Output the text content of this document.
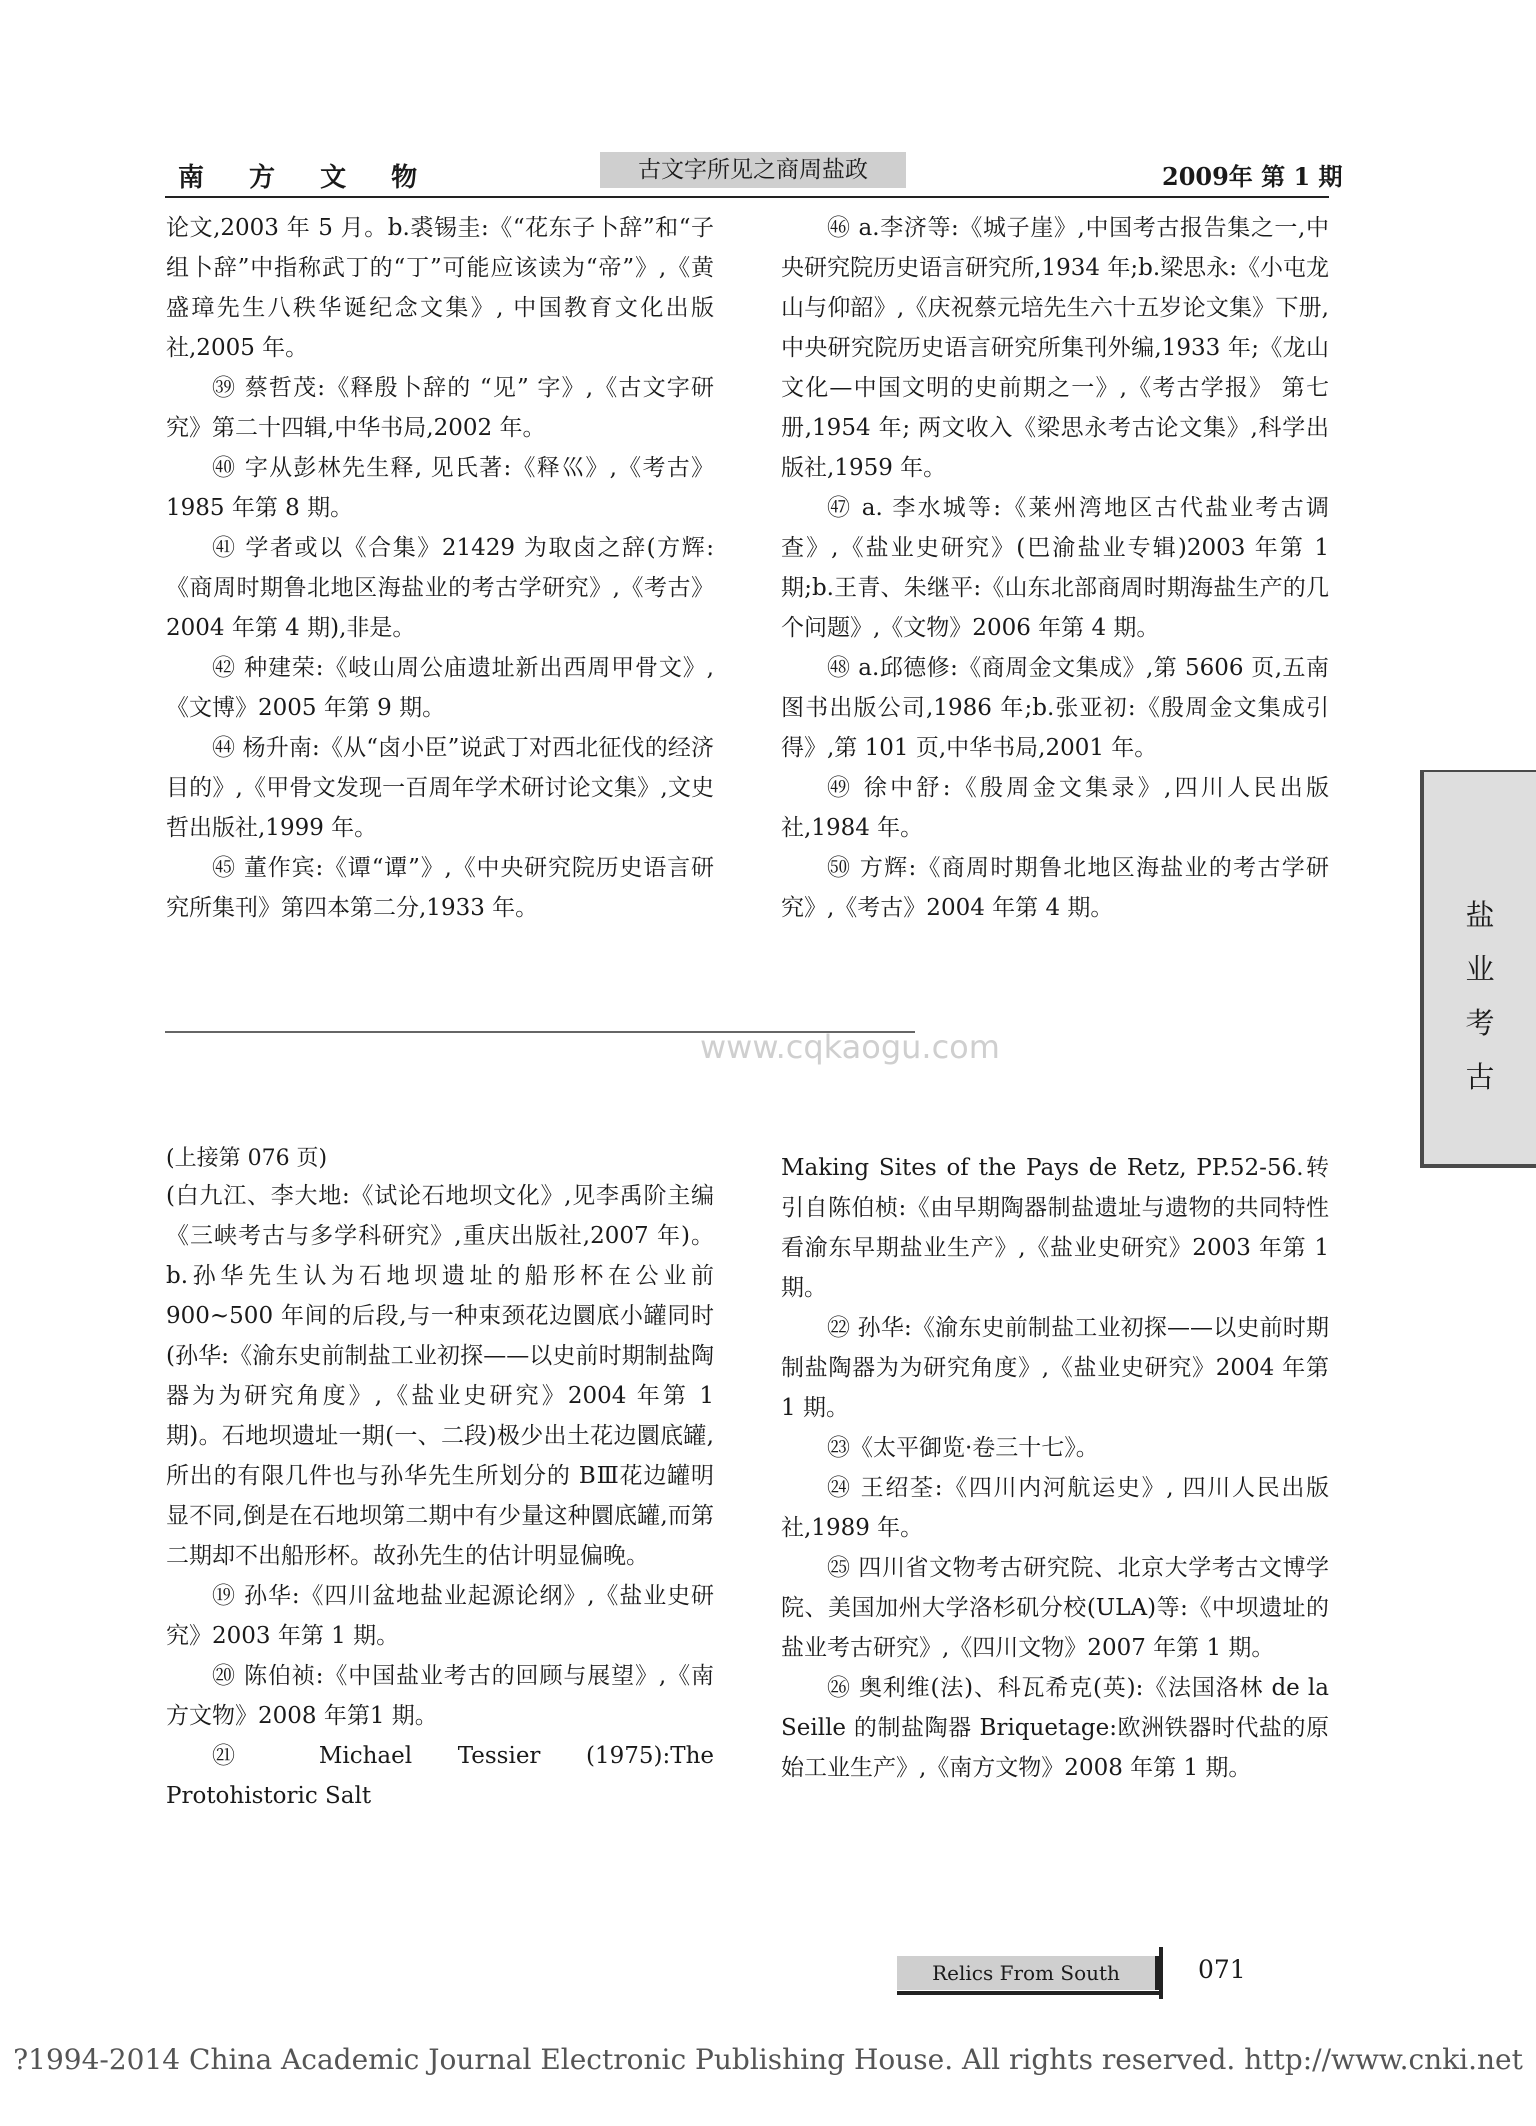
南 方 文 物	古文字所见之商周盐政	2009年 第 1 期

论文,2003 年 5 月。b.裘锡圭:《“花东子卜辞”和“子组卜辞”中指称武丁的“丁”可能应该读为“帝”》,《黄盛璋先生八秩华诞纪念文集》, 中国教育文化出版社,2005 年。

㊴ 蔡哲茂:《释殷卜辞的 “见” 字》,《古文字研究》第二十四辑,中华书局,2002 年。

㊵ 字从彭林先生释, 见氏著:《释巛》,《考古》1985 年第 8 期。

㊶ 学者或以《合集》21429 为取卤之辞(方辉:《商周时期鲁北地区海盐业的考古学研究》,《考古》2004 年第 4 期),非是。

㊷ 种建荣:《岐山周公庙遗址新出西周甲骨文》,《文博》2005 年第 9 期。

㊹ 杨升南:《从“卤小臣”说武丁对西北征伐的经济目的》,《甲骨文发现一百周年学术研讨论文集》,文史哲出版社,1999 年。

㊺ 董作宾:《谭“谭”》,《中央研究院历史语言研究所集刊》第四本第二分,1933 年。

㊻ a.李济等:《城子崖》,中国考古报告集之一,中央研究院历史语言研究所,1934 年;b.梁思永:《小屯龙山与仰韶》,《庆祝蔡元培先生六十五岁论文集》下册, 中央研究院历史语言研究所集刊外编,1933 年;《龙山文化—中国文明的史前期之一》,《考古学报》 第七册,1954 年; 两文收入《梁思永考古论文集》,科学出版社,1959 年。

㊼ a. 李水城等:《莱州湾地区古代盐业考古调查》,《盐业史研究》(巴渝盐业专辑)2003 年第 1 期;b.王青、朱继平:《山东北部商周时期海盐生产的几个问题》,《文物》2006 年第 4 期。

㊽ a.邱德修:《商周金文集成》,第 5606 页,五南图书出版公司,1986 年;b.张亚初:《殷周金文集成引得》,第 101 页,中华书局,2001 年。

㊾ 徐中舒:《殷周金文集录》,四川人民出版社,1984 年。

㊿ 方辉:《商周时期鲁北地区海盐业的考古学研究》,《考古》2004 年第 4 期。

www.cqkaogu.com
盐
业
考
古

(上接第 076 页)

(白九江、李大地:《试论石地坝文化》,见李禹阶主编《三峡考古与多学科研究》,重庆出版社,2007 年)。b.孙华先生认为石地坝遗址的船形杯在公业前 900~500 年间的后段,与一种束颈花边圜底小罐同时(孙华:《渝东史前制盐工业初探——以史前时期制盐陶器为为研究角度》,《盐业史研究》2004 年第 1 期)。石地坝遗址一期(一、二段)极少出土花边圜底罐,所出的有限几件也与孙华先生所划分的 BⅢ花边罐明显不同,倒是在石地坝第二期中有少量这种圜底罐,而第二期却不出船形杯。故孙先生的估计明显偏晚。

⑲ 孙华:《四川盆地盐业起源论纲》,《盐业史研究》2003 年第 1 期。

⑳ 陈伯祯:《中国盐业考古的回顾与展望》,《南方文物》2008 年第1 期。

㉑ Michael Tessier (1975):The Protohistoric Salt

Making Sites of the Pays de Retz, PP.52-56.转引自陈伯桢:《由早期陶器制盐遗址与遗物的共同特性看渝东早期盐业生产》,《盐业史研究》2003 年第 1 期。

㉒ 孙华:《渝东史前制盐工业初探——以史前时期制盐陶器为为研究角度》,《盐业史研究》2004 年第 1 期。

㉓《太平御览·卷三十七》。

㉔ 王绍荃:《四川内河航运史》, 四川人民出版社,1989 年。

㉕ 四川省文物考古研究院、北京大学考古文博学院、美国加州大学洛杉矶分校(ULA)等:《中坝遗址的盐业考古研究》,《四川文物》2007 年第 1 期。

㉖ 奥利维(法)、科瓦希克(英):《法国洛林 de la Seille 的制盐陶器 Briquetage:欧洲铁器时代盐的原始工业生产》,《南方文物》2008 年第 1 期。

Relics From South	071
?1994-2014 China Academic Journal Electronic Publishing House. All rights reserved. http://www.cnki.net
